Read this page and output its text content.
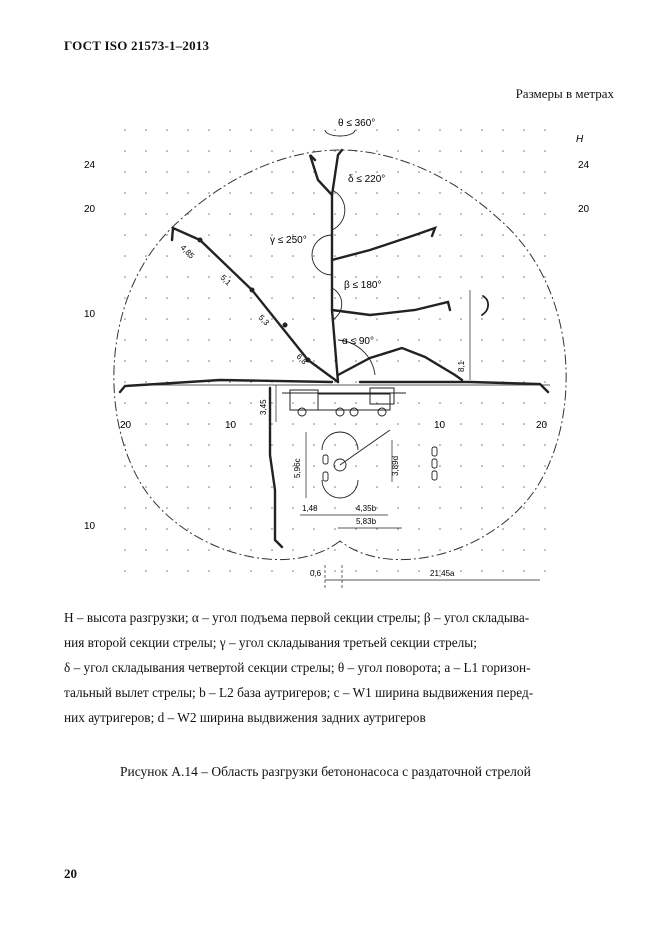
ГОСТ ISO 21573-1–2013
Размеры в метрах
H
24
20
10
10
24
20
20	10	10	20
θ ≤ 360°
δ ≤ 220°
γ ≤ 250°
β ≤ 180°
α ≤ 90°
4,85
5,1
5,3
6,8
3,45
8,1
5,96c	3,89d
1,48	4,35b
5,83b
0,6	21,45a

H – высота разгрузки; α – угол подъема первой секции стрелы; β – угол складыва-

ния второй секции стрелы; γ – угол складывания третьей секции стрелы;

δ – угол складывания четвертой секции стрелы; θ – угол поворота; a – L1 горизон-

тальный вылет стрелы; b – L2 база аутригеров; c – W1 ширина выдвижения перед-

них аутригеров; d – W2 ширина выдвижения задних аутригеров

Рисунок А.14 – Область разгрузки бетононасоса с раздаточной стрелой
20
